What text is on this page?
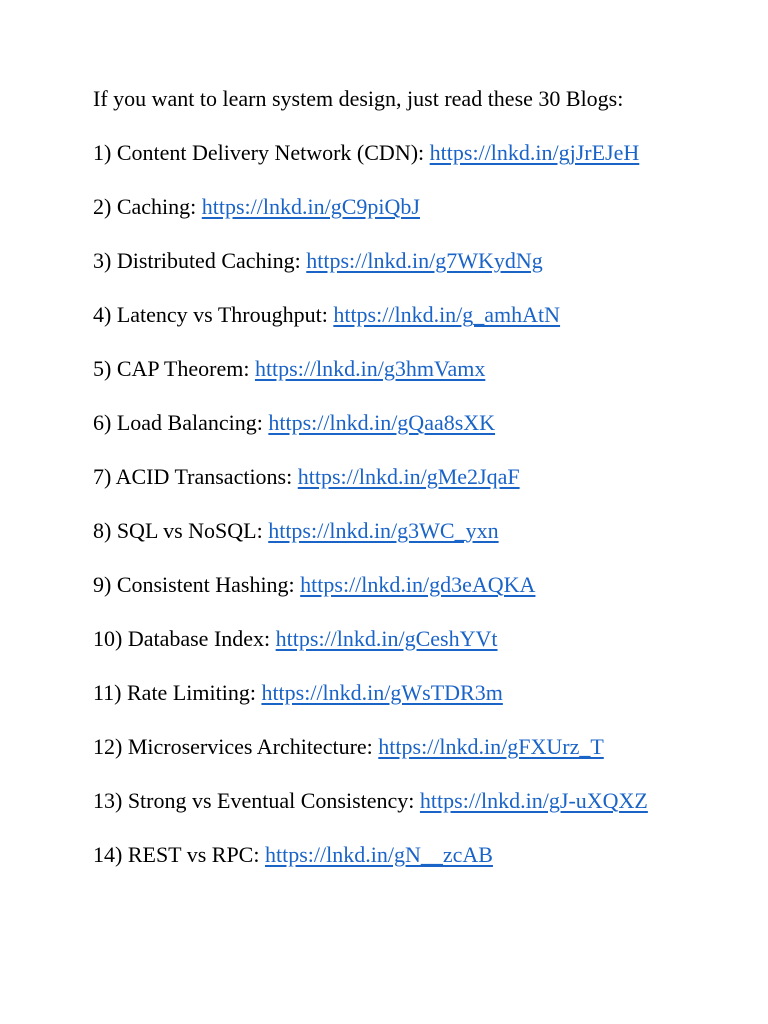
If you want to learn system design, just read these 30 Blogs:

1) Content Delivery Network (CDN): https://lnkd.in/gjJrEJeH
2) Caching: https://lnkd.in/gC9piQbJ
3) Distributed Caching: https://lnkd.in/g7WKydNg
4) Latency vs Throughput: https://lnkd.in/g_amhAtN
5) CAP Theorem: https://lnkd.in/g3hmVamx
6) Load Balancing: https://lnkd.in/gQaa8sXK
7) ACID Transactions: https://lnkd.in/gMe2JqaF
8) SQL vs NoSQL: https://lnkd.in/g3WC_yxn
9) Consistent Hashing: https://lnkd.in/gd3eAQKA
10) Database Index: https://lnkd.in/gCeshYVt
11) Rate Limiting: https://lnkd.in/gWsTDR3m
12) Microservices Architecture: https://lnkd.in/gFXUrz_T
13) Strong vs Eventual Consistency: https://lnkd.in/gJ-uXQXZ
14) REST vs RPC: https://lnkd.in/gN__zcAB
